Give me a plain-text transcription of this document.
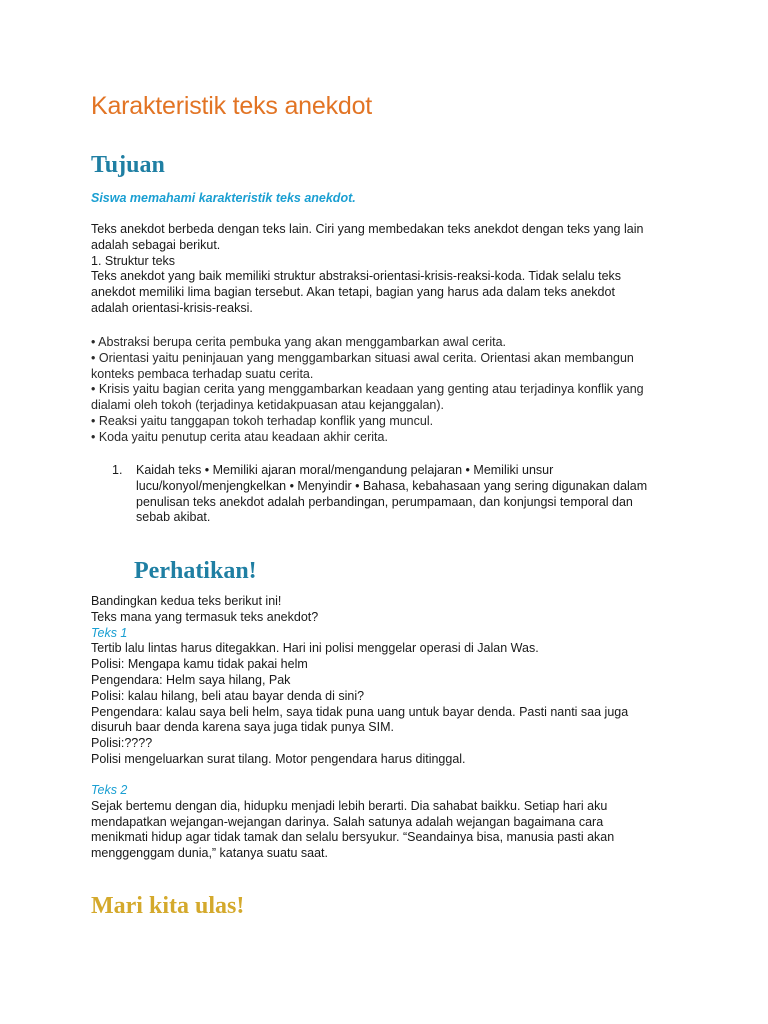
Karakteristik teks anekdot
Tujuan
Siswa memahami karakteristik teks anekdot.

Teks anekdot berbeda dengan teks lain. Ciri yang membedakan teks anekdot dengan teks yang lain

adalah sebagai berikut.

1. Struktur teks

Teks anekdot yang baik memiliki struktur abstraksi-orientasi-krisis-reaksi-koda. Tidak selalu teks

anekdot memiliki lima bagian tersebut. Akan tetapi, bagian yang harus ada dalam teks anekdot

adalah orientasi-krisis-reaksi.

• Abstraksi berupa cerita pembuka yang akan menggambarkan awal cerita.

• Orientasi yaitu peninjauan yang menggambarkan situasi awal cerita. Orientasi akan membangun

konteks pembaca terhadap suatu cerita.

• Krisis yaitu bagian cerita yang menggambarkan keadaan yang genting atau terjadinya konflik yang

dialami oleh tokoh (terjadinya ketidakpuasan atau kejanggalan).

• Reaksi yaitu tanggapan tokoh terhadap konflik yang muncul.

• Koda yaitu penutup cerita atau keadaan akhir cerita.

1. Kaidah teks • Memiliki ajaran moral/mengandung pelajaran • Memiliki unsur

lucu/konyol/menjengkelkan • Menyindir • Bahasa, kebahasaan yang sering digunakan dalam

penulisan teks anekdot adalah perbandingan, perumpamaan, dan konjungsi temporal dan

sebab akibat.

Perhatikan!

Bandingkan kedua teks berikut ini!

Teks mana yang termasuk teks anekdot?

Teks 1

Tertib lalu lintas harus ditegakkan. Hari ini polisi menggelar operasi di Jalan Was.

Polisi: Mengapa kamu tidak pakai helm

Pengendara: Helm saya hilang, Pak

Polisi: kalau hilang, beli atau bayar denda di sini?

Pengendara: kalau saya beli helm, saya tidak puna uang untuk bayar denda. Pasti nanti saa juga

disuruh baar denda karena saya juga tidak punya SIM.

Polisi:????

Polisi mengeluarkan surat tilang. Motor pengendara harus ditinggal.

Teks 2

Sejak bertemu dengan dia, hidupku menjadi lebih berarti. Dia sahabat baikku. Setiap hari aku

mendapatkan wejangan-wejangan darinya. Salah satunya adalah wejangan bagaimana cara

menikmati hidup agar tidak tamak dan selalu bersyukur. “Seandainya bisa, manusia pasti akan

menggenggam dunia,” katanya suatu saat.

Mari kita ulas!
